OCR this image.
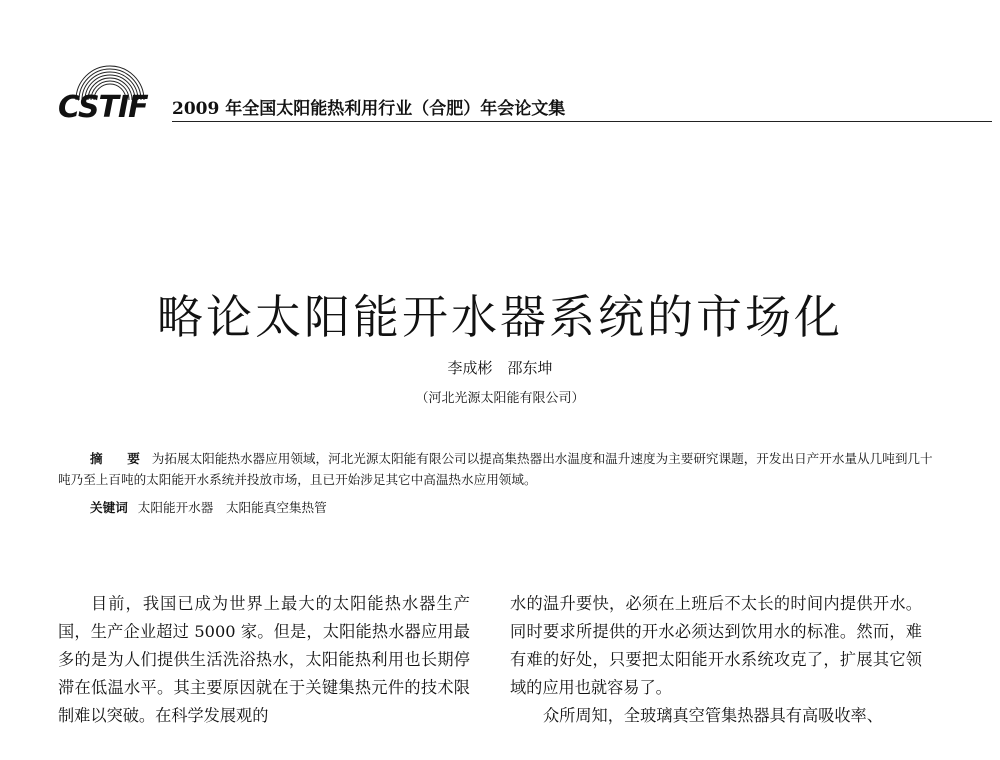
CSTIF 2009 年全国太阳能热利用行业（合肥）年会论文集
略论太阳能开水器系统的市场化
李成彬　邵东坤
（河北光源太阳能有限公司）
摘　要 为拓展太阳能热水器应用领域，河北光源太阳能有限公司以提高集热器出水温度和温升速度为主要研究课题，开发出日产开水量从几吨到几十吨乃至上百吨的太阳能开水系统并投放市场，且已开始涉足其它中高温热水应用领域。
关键词 太阳能开水器　太阳能真空集热管

目前，我国已成为世界上最大的太阳能热水器生产国，生产企业超过 5000 家。但是，太阳能热水器应用最多的是为人们提供生活洗浴热水，太阳能热利用也长期停滞在低温水平。其主要原因就在于关键集热元件的技术限制难以突破。在科学发展观的

水的温升要快，必须在上班后不太长的时间内提供开水。同时要求所提供的开水必须达到饮用水的标准。然而，难有难的好处，只要把太阳能开水系统攻克了，扩展其它领域的应用也就容易了。

众所周知，全玻璃真空管集热器具有高吸收率、
